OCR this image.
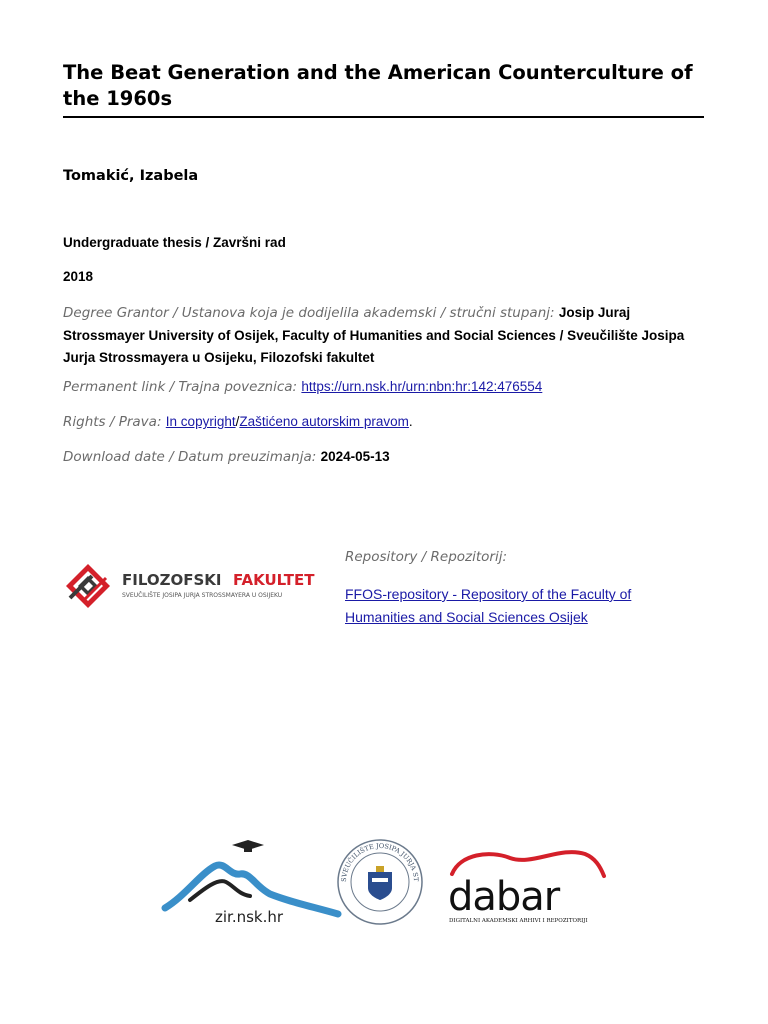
The Beat Generation and the American Counterculture of the 1960s
Tomakić, Izabela
Undergraduate thesis / Završni rad
2018
Degree Grantor / Ustanova koja je dodijelila akademski / stručni stupanj: Josip Juraj Strossmayer University of Osijek, Faculty of Humanities and Social Sciences / Sveučilište Josipa Jurja Strossmayera u Osijeku, Filozofski fakultet
Permanent link / Trajna poveznica: https://urn.nsk.hr/urn:nbn:hr:142:476554
Rights / Prava: In copyright/Zaštićeno autorskim pravom.
Download date / Datum preuzimanja: 2024-05-13
FILOZOFSKI FAKULTET
SVEUČILIŠTE JOSIPA JURJA STROSSMAYERA U OSIJEKU
Repository / Repozitorij:
FFOS-repository - Repository of the Faculty of Humanities and Social Sciences Osijek
zir.nsk.hr
SVEUČILIŠTE JOSIPA JURJA ST dabar
DIGITALNI AKADEMSKI ARHIVI I REPOZITORIJI
